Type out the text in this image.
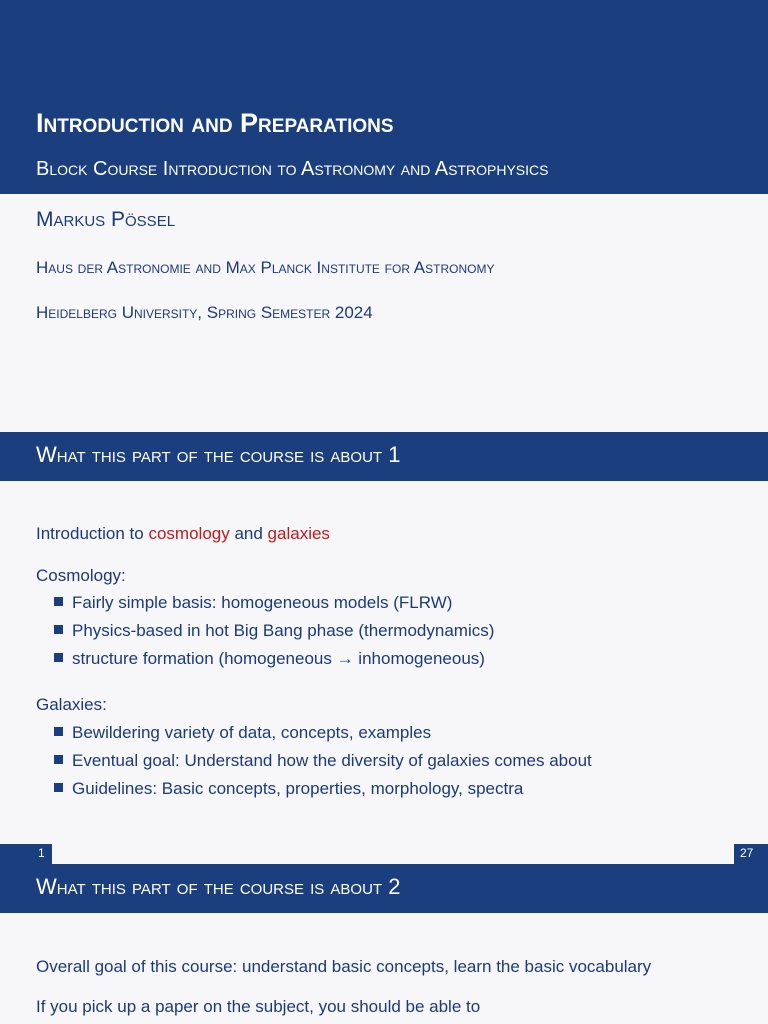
Introduction and Preparations
Block Course Introduction to Astronomy and Astrophysics
Markus Pössel
Haus der Astronomie and Max Planck Institute for Astronomy
Heidelberg University, Spring Semester 2024
What this part of the course is about 1
Introduction to cosmology and galaxies
Cosmology:
Fairly simple basis: homogeneous models (FLRW)
Physics-based in hot Big Bang phase (thermodynamics)
structure formation (homogeneous → inhomogeneous)
Galaxies:
Bewildering variety of data, concepts, examples
Eventual goal: Understand how the diversity of galaxies comes about
Guidelines: Basic concepts, properties, morphology, spectra
1	27
What this part of the course is about 2
Overall goal of this course: understand basic concepts, learn the basic vocabulary
If you pick up a paper on the subject, you should be able to
